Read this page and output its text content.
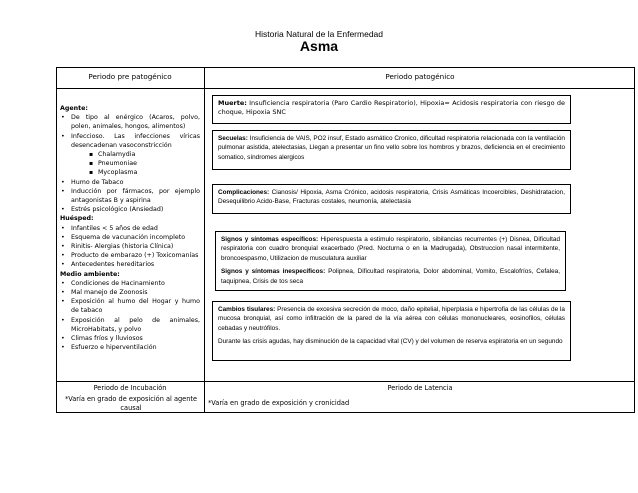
Historia Natural de la Enfermedad
Asma
Periodo pre patogénico	Periodo patogénico
Agente:
• De tipo al enérgico (Acaros, polvo, polen, animales, hongos, alimentos)
• Infeccioso. Las infecciones víricas desencadenan vasoconstricción
▪ Chalamydia
▪ Pneumoniae
▪ Mycoplasma
• Humo de Tabaco
• Inducción por fármacos, por ejemplo antagonistas B y aspirina
• Estrés psicológico (Ansiedad)
Huésped:
• Infantiles < 5 años de edad
• Esquema de vacunación incompleto
• Rinitis- Alergias (historia Clínica)
• Producto de embarazo (+) Toxicomanías
• Antecedentes hereditarios
Medio ambiente:
• Condiciones de Hacinamiento
• Mal manejo de Zoonosis
• Exposición al humo del Hogar y humo de tabaco
• Exposición al pelo de animales, MicroHabitats, y polvo
• Climas fríos y lluviosos
• Esfuerzo e hiperventilación
Muerte: Insuficiencia respiratoria (Paro Cardio Respiratorio), Hipoxia= Acidosis respiratoria con riesgo de choque, Hipoxia SNC
Secuelas: Insuficiencia de VAIS, PO2 insuf, Estado asmático Cronico, dificultad respiratoria relacionada con la ventilación pulmonar asistida, atelectasias, Llegan a presentar un fino vello sobre los hombros y brazos, deficiencia en el crecimiento somatico, síndromes alergicos
Complicaciones: Cianosis/ Hipoxia, Asma Crónico, acidosis respiratoria, Crisis Asmáticas Incoercibles, Deshidratacion, Desequilibrio Acido-Base, Fracturas costales, neumonía, atelectasia

Signos y síntomas específicos: Hiperespuesta a estimulo respiratorio, sibilancias recurrentes (+) Disnea, Dificultad respiratoria con cuadro bronquial exacerbado (Pred. Nocturna o en la Madrugada), Obstruccion nasal intermitente, broncoespasmo, Utilizacion de musculatura auxiliar

Signos y síntomas inespecíficos: Polipnea, Dificultad respiratoria, Dolor abdominal, Vomito, Escalofríos, Cefalea, taquipnea, Crisis de tos seca

Cambios tisulares: Presencia de excesiva secreción de moco, daño epitelial, hiperplasia e hipertrofia de las células de la mucosa bronquial, así como infiltración de la pared de la vía aérea con células mononucleares, eosinofilos, células cebadas y neutrófilos.

Durante las crisis agudas, hay disminución de la capacidad vital (CV) y del volumen de reserva espiratoria en un segundo

Periodo de Incubación
*Varía en grado de exposición al agente causal
Periodo de Latencia
*Varía en grado de exposición y cronicidad
